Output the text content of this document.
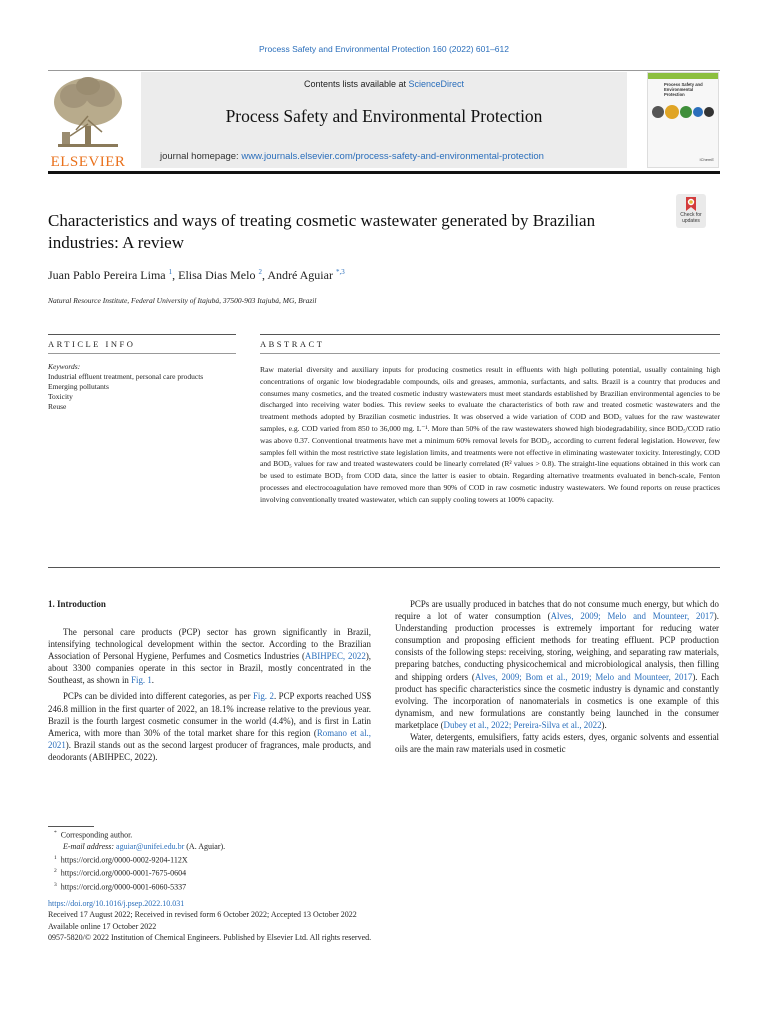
Process Safety and Environmental Protection 160 (2022) 601–612
ELSEVIER
Contents lists available at ScienceDirect
Process Safety and Environmental Protection
journal homepage: www.journals.elsevier.com/process-safety-and-environmental-protection
Process Safety and Environmental Protection
IChemE
Check for
updates
Characteristics and ways of treating cosmetic wastewater generated by Brazilian industries: A review
Juan Pablo Pereira Lima $^1$, Elisa Dias Melo $^2$, André Aguiar $^{*,3}$
Natural Resource Institute, Federal University of Itajubá, 37500-903 Itajubá, MG, Brazil
ARTICLE INFO	ABSTRACT
Keywords:
Industrial effluent treatment, personal care products
Emerging pollutants
Toxicity
Reuse
Raw material diversity and auxiliary inputs for producing cosmetics result in effluents with high polluting potential, usually containing high concentrations of organic low biodegradable compounds, oils and greases, ammonia, surfactants, and salts. Brazil is a country that produces and consumes many cosmetics, and the treated cosmetic industry wastewaters must meet standards established by Brazilian environmental agencies to be discharged into receiving water bodies. This review seeks to evaluate the characteristics of both raw and treated cosmetic wastewaters and the treatment methods adopted by Brazilian cosmetic industries. It was observed a wide variation of COD and BOD₅ values for the raw wastewater samples, e.g. COD varied from 850 to 36,000 mg. L⁻¹. More than 50% of the raw wastewaters showed high biodegradability, since BOD₅/COD ratio was above 0.37. Conventional treatments have met a minimum 60% removal levels for BOD₅, according to current federal legislation. However, few samples fell within the most restrictive state legislation limits, and treatments were not effective in eliminating wastewater toxicity. Interestingly, COD and BOD₅ values for raw and treated wastewaters could be linearly correlated (R² values > 0.8). The straight-line equations obtained in this work can be used to estimate BOD₅ from COD data, since the latter is easier to obtain. Regarding alternative treatments evaluated in bench-scale, Fenton processes and electrocoagulation have removed more than 90% of COD in raw cosmetic industry wastewaters. We found reports on reuse practices involving conventionally treated wastewater, which can supply cooling towers at 100% capacity.
1. Introduction

The personal care products (PCP) sector has grown significantly in Brazil, intensifying technological development within the sector. According to the Brazilian Association of Personal Hygiene, Perfumes and Cosmetics Industries (ABIHPEC, 2022), about 3300 companies operate in this sector in Brazil, mostly concentrated in the Southeast, as shown in Fig. 1.

PCPs can be divided into different categories, as per Fig. 2. PCP exports reached US$ 246.8 million in the first quarter of 2022, an 18.1% increase relative to the previous year. Brazil is the fourth largest cosmetic consumer in the world (4.4%), and is first in Latin America, with more than 30% of the total market share for this region (Romano et al., 2021). Brazil stands out as the second largest producer of fragrances, male products, and deodorants (ABIHPEC, 2022).

PCPs are usually produced in batches that do not consume much energy, but which do require a lot of water consumption (Alves, 2009; Melo and Mounteer, 2017). Understanding production processes is extremely important for reducing water consumption and proposing efficient methods for treating effluent. PCP production consists of the following steps: receiving, storing, weighing, and separating raw materials, preparing batches, conducting physicochemical and microbiological analysis, then filling and shipping orders (Alves, 2009; Bom et al., 2019; Melo and Mounteer, 2017). Each product has specific characteristics since the cosmetic industry is dynamic and constantly evolving. The incorporation of nanomaterials in cosmetics is one example of this dynamism, and new formulations are constantly being launched in the consumer marketplace (Dubey et al., 2022; Pereira-Silva et al., 2022).

Water, detergents, emulsifiers, fatty acids esters, dyes, organic solvents and essential oils are the main raw materials used in cosmetic

* Corresponding author.
E-mail address: aguiar@unifei.edu.br (A. Aguiar).
$^1$ https://orcid.org/0000-0002-9204-112X
$^2$ https://orcid.org/0000-0001-7675-0604
$^3$ https://orcid.org/0000-0001-6060-5337
https://doi.org/10.1016/j.psep.2022.10.031
Received 17 August 2022; Received in revised form 6 October 2022; Accepted 13 October 2022
Available online 17 October 2022
0957-5820/© 2022 Institution of Chemical Engineers. Published by Elsevier Ltd. All rights reserved.
